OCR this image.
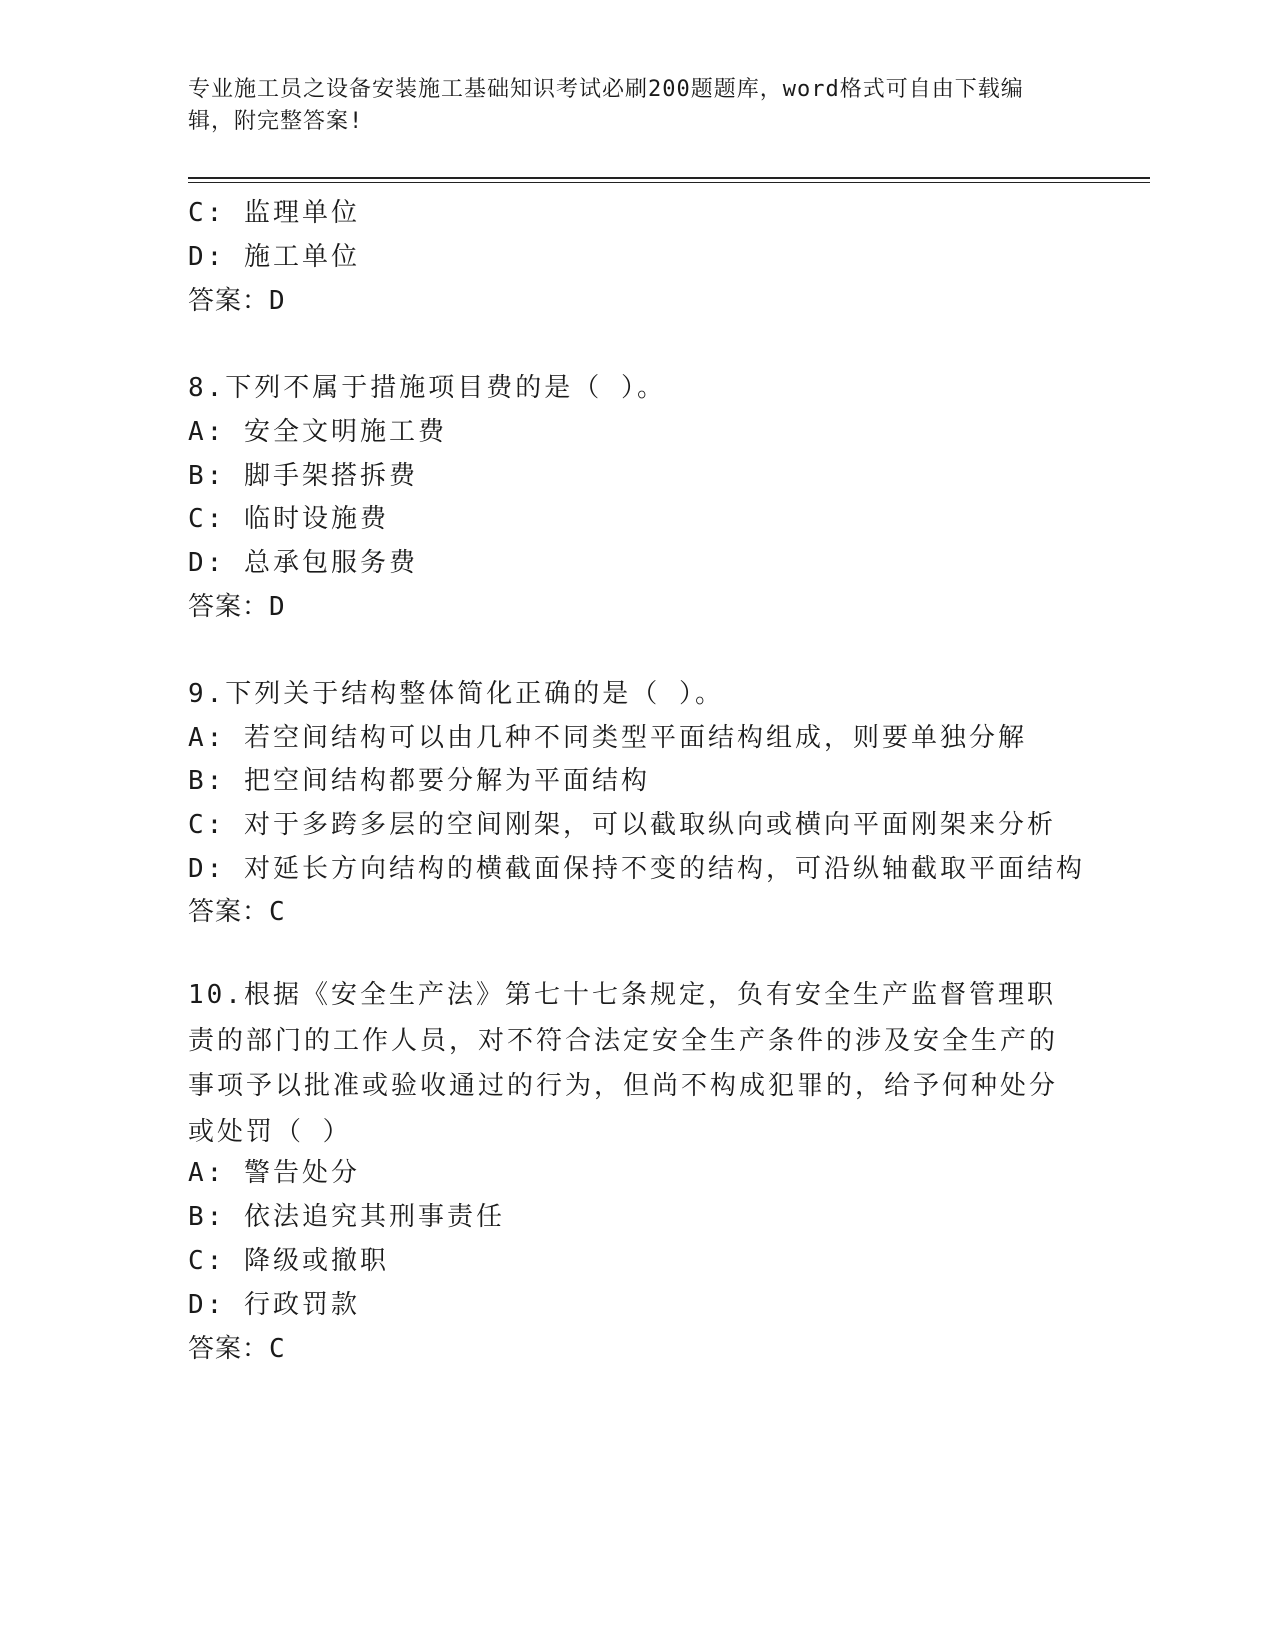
专业施工员之设备安装施工基础知识考试必刷200题题库，word格式可自由下载编辑，附完整答案!
C: 监理单位
D: 施工单位
答案：D
8.下列不属于措施项目费的是（ ）。
A: 安全文明施工费
B: 脚手架搭拆费
C: 临时设施费
D: 总承包服务费
答案：D
9.下列关于结构整体简化正确的是（ ）。
A: 若空间结构可以由几种不同类型平面结构组成，则要单独分解
B: 把空间结构都要分解为平面结构
C: 对于多跨多层的空间刚架，可以截取纵向或横向平面刚架来分析
D: 对延长方向结构的横截面保持不变的结构，可沿纵轴截取平面结构
答案：C
10.根据《安全生产法》第七十七条规定，负有安全生产监督管理职责的部门的工作人员，对不符合法定安全生产条件的涉及安全生产的事项予以批准或验收通过的行为，但尚不构成犯罪的，给予何种处分或处罚（ ）
A: 警告处分
B: 依法追究其刑事责任
C: 降级或撤职
D: 行政罚款
答案：C
